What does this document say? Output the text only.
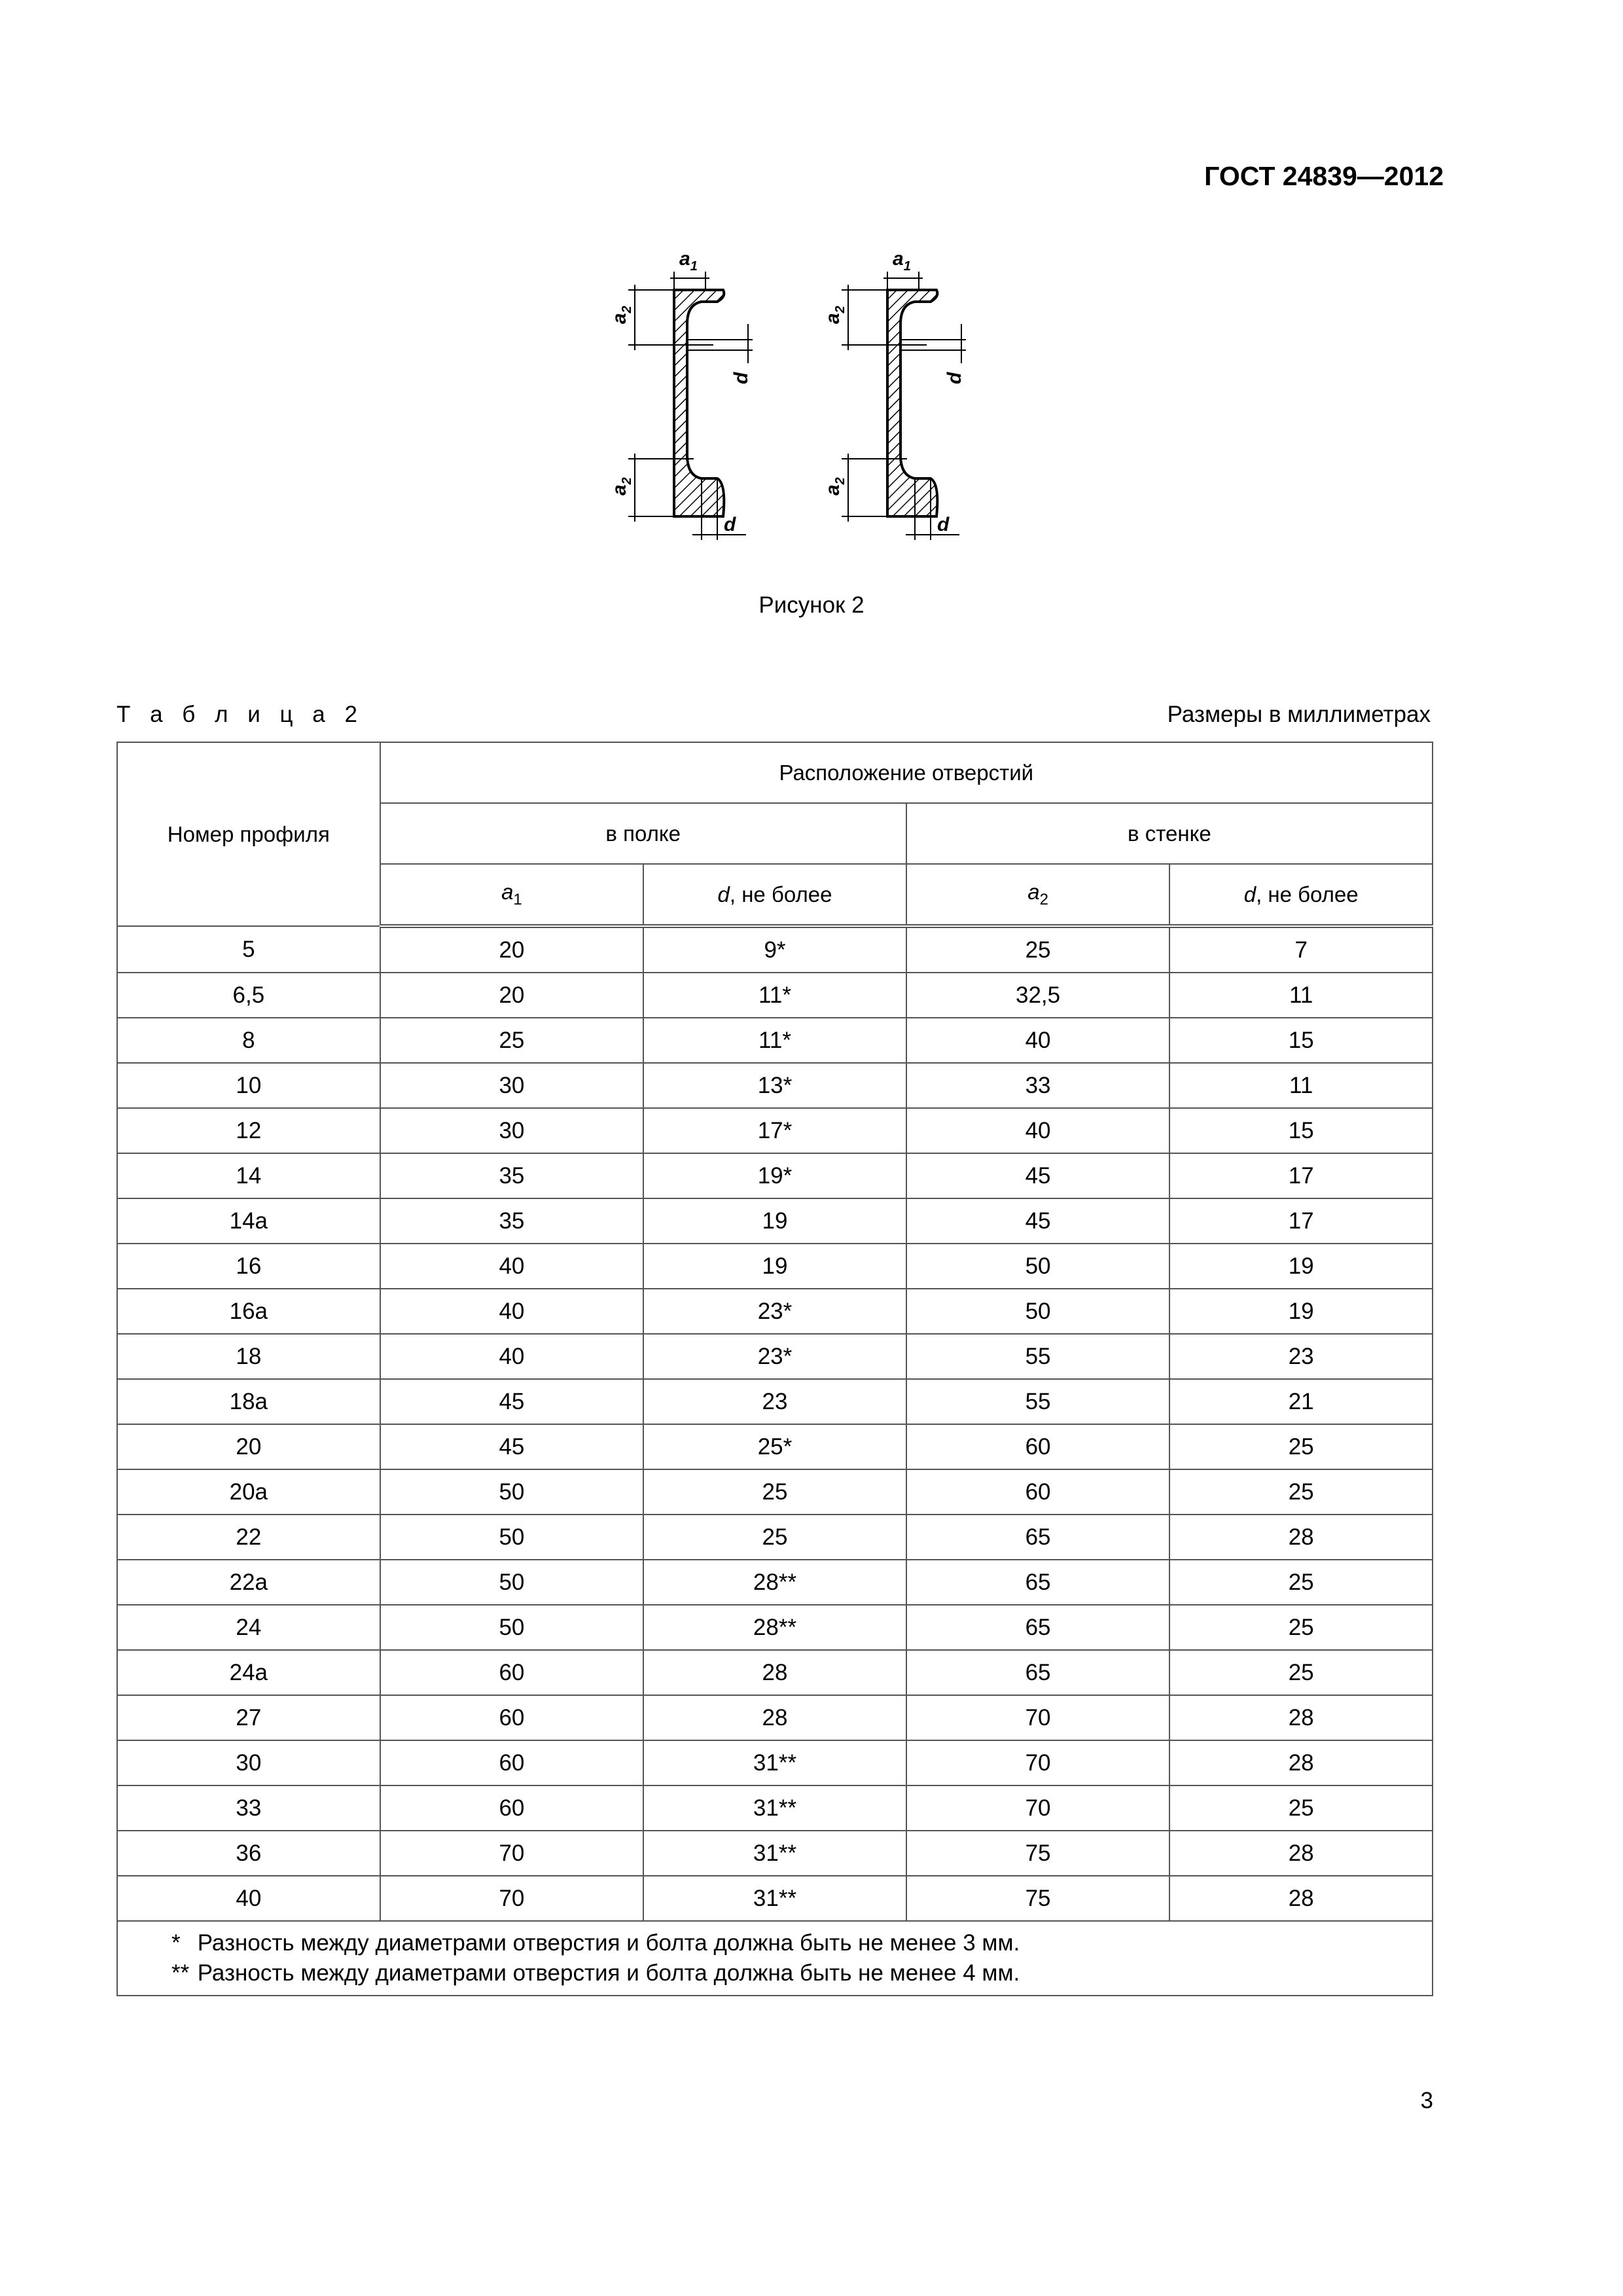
ГОСТ 24839—2012
$a_1$
$a_2$
$a_2$
d
d
$a_1$
$a_2$
$a_2$
d
d
Рисунок 2
Т а б л и ц а 2	Размеры в миллиметрах
Номер профиля	Расположение отверстий			
	в полке		в стенке	
	$a_1$	d, не более	$a_2$	d, не более
5	20	9*	25	7
6,5	20	11*	32,5	11
8	25	11*	40	15
10	30	13*	33	11
12	30	17*	40	15
14	35	19*	45	17
14а	35	19	45	17
16	40	19	50	19
16а	40	23*	50	19
18	40	23*	55	23
18а	45	23	55	21
20	45	25*	60	25
20а	50	25	60	25
22	50	25	65	28
22а	50	28**	65	25
24	50	28**	65	25
24а	60	28	65	25
27	60	28	70	28
30	60	31**	70	28
33	60	31**	70	25
36	70	31**	75	28
40	70	31**	75	28

* Разность между диаметрами отверстия и болта должна быть не менее 3 мм.
** Разность между диаметрами отверстия и болта должна быть не менее 4 мм.				
3
